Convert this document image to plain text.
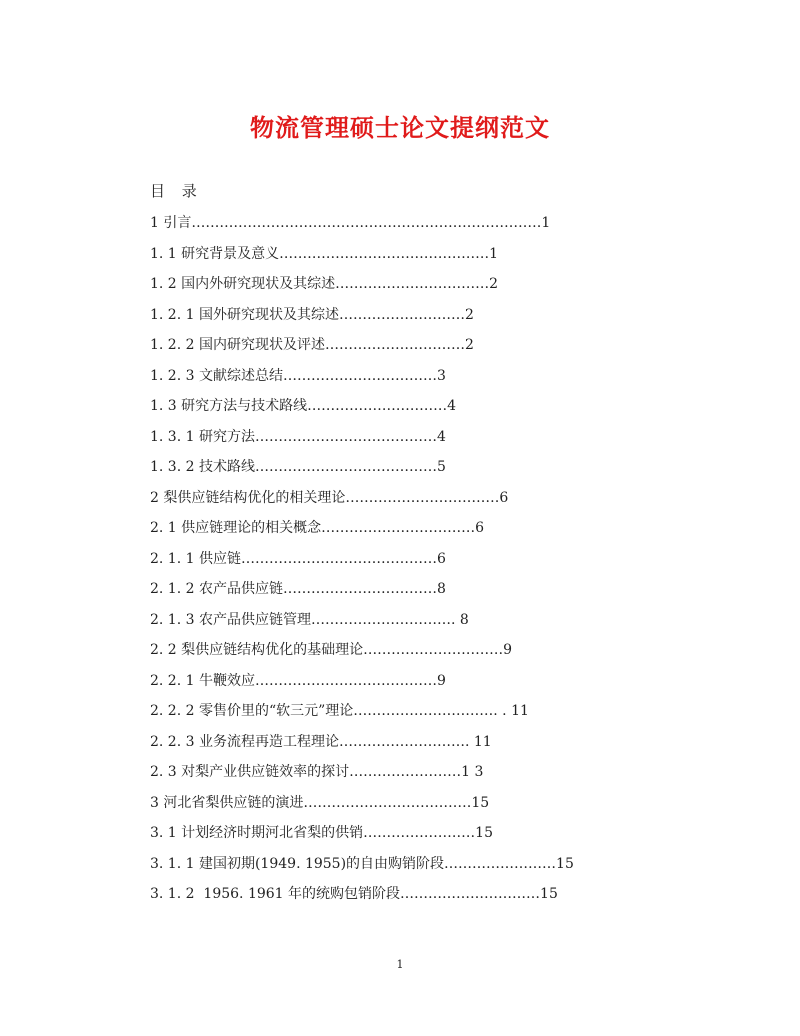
物流管理硕士论文提纲范文
目 录
1 引言…………………………………………………………………1
1. 1 研究背景及意义………………………………………1
1. 2 国内外研究现状及其综述……………………………2
1. 2. 1 国外研究现状及其综述………………………2
1. 2. 2 国内研究现状及评述…………………………2
1. 2. 3 文献综述总结……………………………3
1. 3 研究方法与技术路线…………………………4
1. 3. 1 研究方法…………………………………4
1. 3. 2 技术路线…………………………………5
2 梨供应链结构优化的相关理论……………………………6
2. 1 供应链理论的相关概念……………………………6
2. 1. 1 供应链……………………………………6
2. 1. 2 农产品供应链……………………………8
2. 1. 3 农产品供应链管理…………………………. 8
2. 2 梨供应链结构优化的基础理论…………………………9
2. 2. 1 牛鞭效应…………………………………9
2. 2. 2 零售价里的“软三元”理论…………………………. . 11
2. 2. 3 业务流程再造工程理论………………………. 11
2. 3 对梨产业供应链效率的探讨……………………1 3
3 河北省梨供应链的演进………………………………15
3. 1 计划经济时期河北省梨的供销……………………15
3. 1. 1 建国初期(1949. 1955)的自由购销阶段……………………15
3. 1. 2  1956. 1961 年的统购包销阶段…………………………15
1
